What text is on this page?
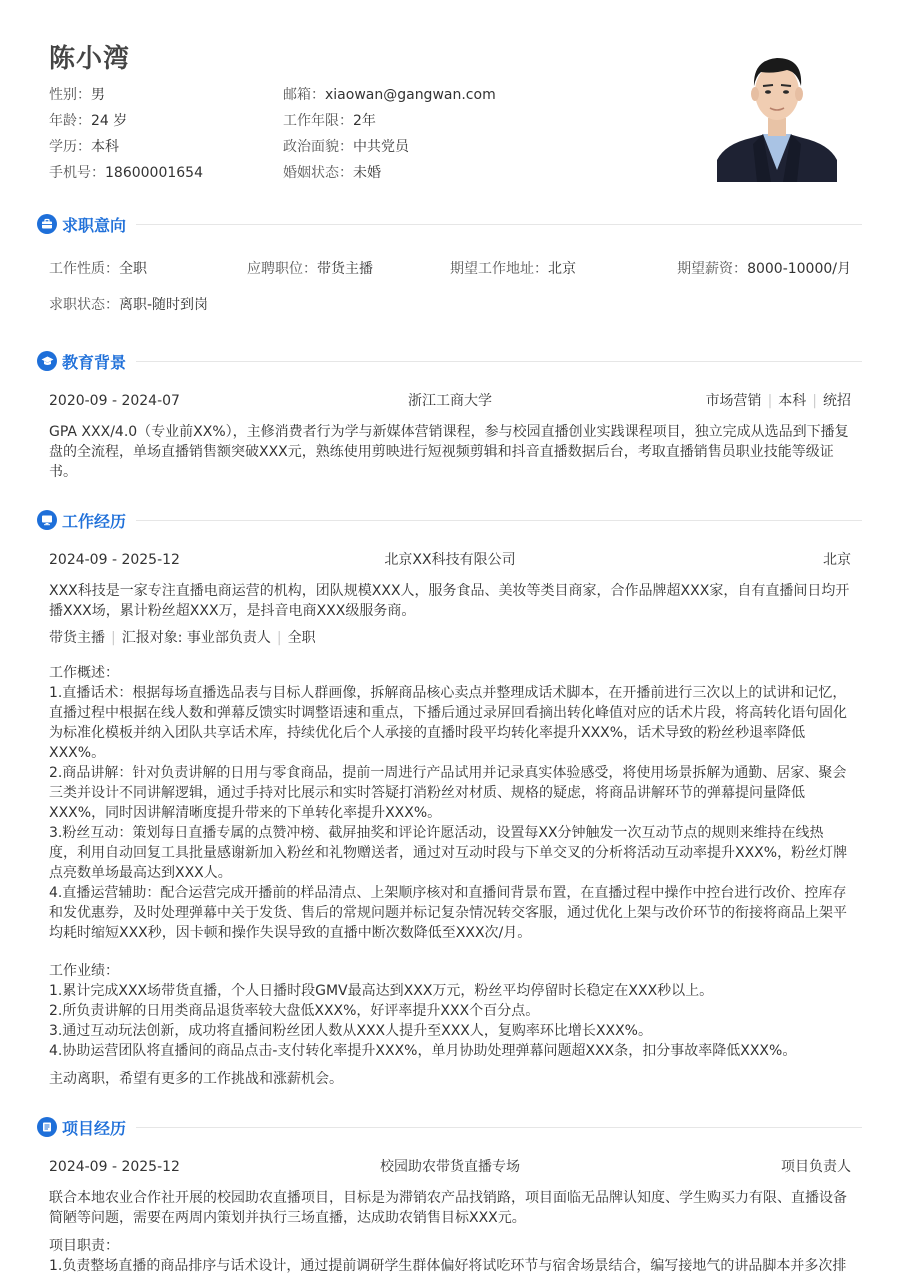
陈小湾
性别：男	邮箱：xiaowan@gangwan.com
年龄：24 岁	工作年限：2年
学历：本科	政治面貌：中共党员
手机号：18600001654	婚姻状态：未婚
求职意向
工作性质：全职	应聘职位：带货主播	期望工作地址：北京	期望薪资：8000-10000/月
求职状态：离职-随时到岗
教育背景
2020-09 - 2024-07	浙江工商大学	市场营销 | 本科 | 统招
GPA XXX/4.0（专业前XX%），主修消费者行为学与新媒体营销课程，参与校园直播创业实践课程项目，独立完成从选品到下播复盘的全流程，单场直播销售额突破XXX元，熟练使用剪映进行短视频剪辑和抖音直播数据后台，考取直播销售员职业技能等级证书。
工作经历
2024-09 - 2025-12	北京XX科技有限公司	北京
XXX科技是一家专注直播电商运营的机构，团队规模XXX人，服务食品、美妆等类目商家，合作品牌超XXX家，自有直播间日均开播XXX场，累计粉丝超XXX万，是抖音电商XXX级服务商。
带货主播 | 汇报对象: 事业部负责人 | 全职
工作概述：
1.直播话术：根据每场直播选品表与目标人群画像，拆解商品核心卖点并整理成话术脚本，在开播前进行三次以上的试讲和记忆，直播过程中根据在线人数和弹幕反馈实时调整语速和重点，下播后通过录屏回看摘出转化峰值对应的话术片段，将高转化语句固化为标准化模板并纳入团队共享话术库，持续优化后个人承接的直播时段平均转化率提升XXX%，话术导致的粉丝秒退率降低XXX%。
2.商品讲解：针对负责讲解的日用与零食商品，提前一周进行产品试用并记录真实体验感受，将使用场景拆解为通勤、居家、聚会三类并设计不同讲解逻辑，通过手持对比展示和实时答疑打消粉丝对材质、规格的疑虑，将商品讲解环节的弹幕提问量降低XXX%，同时因讲解清晰度提升带来的下单转化率提升XXX%。
3.粉丝互动：策划每日直播专属的点赞冲榜、截屏抽奖和评论许愿活动，设置每XX分钟触发一次互动节点的规则来维持在线热度，利用自动回复工具批量感谢新加入粉丝和礼物赠送者，通过对互动时段与下单交叉的分析将活动互动率提升XXX%，粉丝灯牌点亮数单场最高达到XXX人。
4.直播运营辅助：配合运营完成开播前的样品清点、上架顺序核对和直播间背景布置，在直播过程中操作中控台进行改价、控库存和发优惠券，及时处理弹幕中关于发货、售后的常规问题并标记复杂情况转交客服，通过优化上架与改价环节的衔接将商品上架平均耗时缩短XXX秒，因卡顿和操作失误导致的直播中断次数降低至XXX次/月。
工作业绩：
1.累计完成XXX场带货直播，个人日播时段GMV最高达到XXX万元，粉丝平均停留时长稳定在XXX秒以上。
2.所负责讲解的日用类商品退货率较大盘低XXX%，好评率提升XXX个百分点。
3.通过互动玩法创新，成功将直播间粉丝团人数从XXX人提升至XXX人，复购率环比增长XXX%。
4.协助运营团队将直播间的商品点击-支付转化率提升XXX%，单月协助处理弹幕问题超XXX条，扣分事故率降低XXX%。
主动离职，希望有更多的工作挑战和涨薪机会。
项目经历
2024-09 - 2025-12	校园助农带货直播专场	项目负责人
联合本地农业合作社开展的校园助农直播项目，目标是为滞销农产品找销路，项目面临无品牌认知度、学生购买力有限、直播设备简陋等问题，需要在两周内策划并执行三场直播，达成助农销售目标XXX元。
项目职责：
1.负责整场直播的商品排序与话术设计，通过提前调研学生群体偏好将试吃环节与宿舍场景结合，编写接地气的讲品脚本并多次排
